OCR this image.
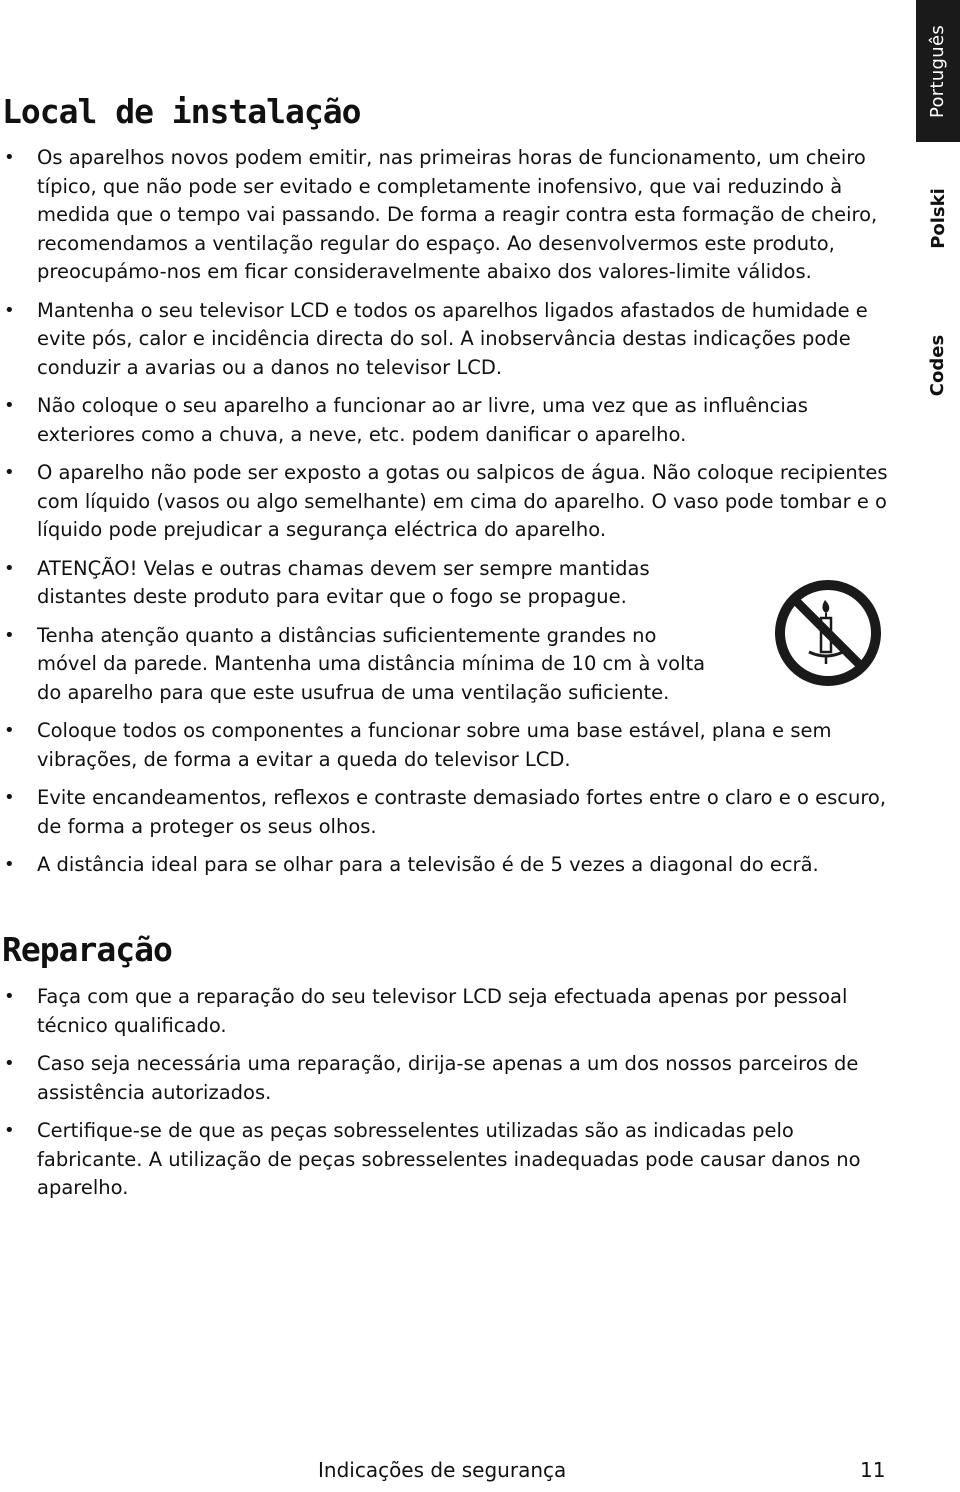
Português
Polski
Codes
Local de instalação
• Os aparelhos novos podem emitir, nas primeiras horas de funcionamento, um cheiro típico, que não pode ser evitado e completamente inofensivo, que vai reduzindo à medida que o tempo vai passando. De forma a reagir contra esta formação de cheiro, recomendamos a ventilação regular do espaço. Ao desenvolvermos este produto, preocupámo-nos em ficar consideravelmente abaixo dos valores-limite válidos.
• Mantenha o seu televisor LCD e todos os aparelhos ligados afastados de humidade e evite pós, calor e incidência directa do sol. A inobservância destas indicações pode conduzir a avarias ou a danos no televisor LCD.
• Não coloque o seu aparelho a funcionar ao ar livre, uma vez que as influências exteriores como a chuva, a neve, etc. podem danificar o aparelho.
• O aparelho não pode ser exposto a gotas ou salpicos de água. Não coloque recipientes com líquido (vasos ou algo semelhante) em cima do aparelho. O vaso pode tombar e o líquido pode prejudicar a segurança eléctrica do aparelho.
• ATENÇÃO! Velas e outras chamas devem ser sempre mantidas distantes deste produto para evitar que o fogo se propague.
• Tenha atenção quanto a distâncias suficientemente grandes no móvel da parede. Mantenha uma distância mínima de 10 cm à volta do aparelho para que este usufrua de uma ventilação suficiente.
• Coloque todos os componentes a funcionar sobre uma base estável, plana e sem vibrações, de forma a evitar a queda do televisor LCD.
• Evite encandeamentos, reflexos e contraste demasiado fortes entre o claro e o escuro, de forma a proteger os seus olhos.
• A distância ideal para se olhar para a televisão é de 5 vezes a diagonal do ecrã.
Reparação
• Faça com que a reparação do seu televisor LCD seja efectuada apenas por pessoal técnico qualificado.
• Caso seja necessária uma reparação, dirija-se apenas a um dos nossos parceiros de assistência autorizados.
• Certifique-se de que as peças sobresselentes utilizadas são as indicadas pelo fabricante. A utilização de peças sobresselentes inadequadas pode causar danos no aparelho.
Indicações de segurança	11
